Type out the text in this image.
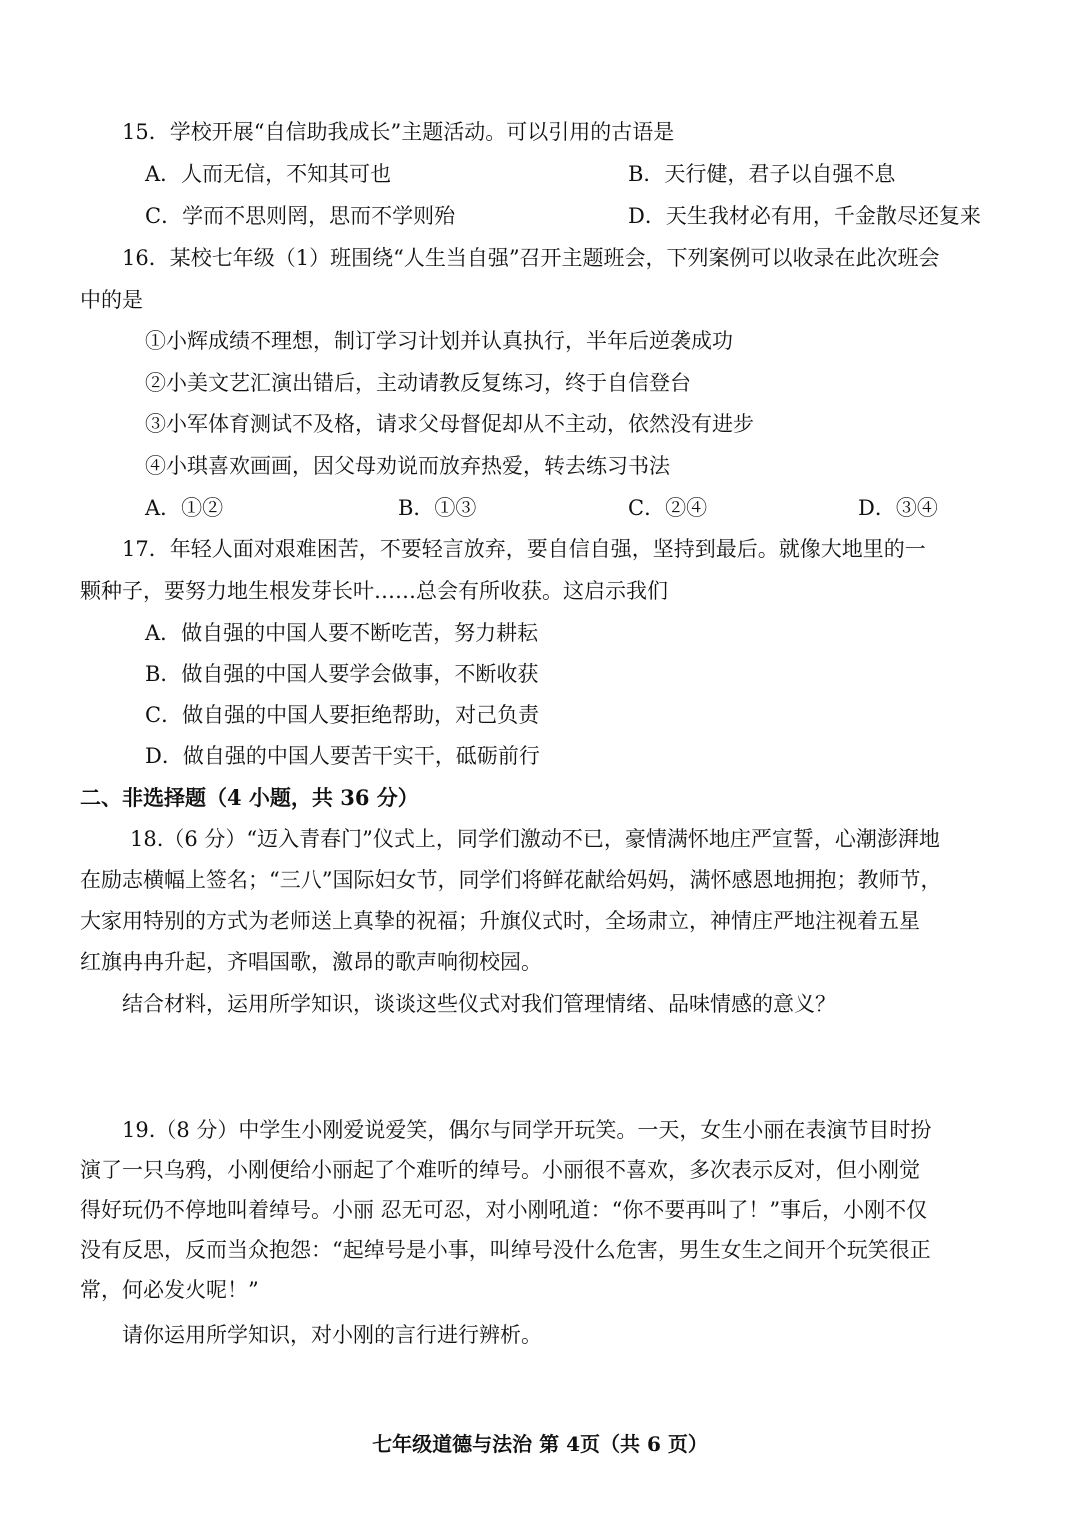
15．学校开展“自信助我成长”主题活动。可以引用的古语是
A．人而无信，不知其可也	B．天行健，君子以自强不息
C．学而不思则罔，思而不学则殆	D．天生我材必有用，千金散尽还复来
16．某校七年级（1）班围绕“人生当自强”召开主题班会，下列案例可以收录在此次班会
中的是
①小辉成绩不理想，制订学习计划并认真执行，半年后逆袭成功
②小美文艺汇演出错后，主动请教反复练习，终于自信登台
③小军体育测试不及格，请求父母督促却从不主动，依然没有进步
④小琪喜欢画画，因父母劝说而放弃热爱，转去练习书法
A．①②	B．①③	C．②④	D．③④
17．年轻人面对艰难困苦，不要轻言放弃，要自信自强，坚持到最后。就像大地里的一
颗种子，要努力地生根发芽长叶……总会有所收获。这启示我们
A．做自强的中国人要不断吃苦，努力耕耘
B．做自强的中国人要学会做事，不断收获
C．做自强的中国人要拒绝帮助，对己负责
D．做自强的中国人要苦干实干，砥砺前行
二、非选择题（4 小题，共 36 分）
18.（6 分）“迈入青春门”仪式上，同学们激动不已，豪情满怀地庄严宣誓，心潮澎湃地
在励志横幅上签名；“三八”国际妇女节，同学们将鲜花献给妈妈，满怀感恩地拥抱；教师节，
大家用特别的方式为老师送上真挚的祝福；升旗仪式时，全场肃立，神情庄严地注视着五星
红旗冉冉升起，齐唱国歌，激昂的歌声响彻校园。
结合材料，运用所学知识，谈谈这些仪式对我们管理情绪、品味情感的意义？
19.（8 分）中学生小刚爱说爱笑，偶尔与同学开玩笑。一天，女生小丽在表演节目时扮
演了一只乌鸦，小刚便给小丽起了个难听的绰号。小丽很不喜欢，多次表示反对，但小刚觉
得好玩仍不停地叫着绰号。小丽 忍无可忍，对小刚吼道：“你不要再叫了！”事后，小刚不仅
没有反思，反而当众抱怨：“起绰号是小事，叫绰号没什么危害，男生女生之间开个玩笑很正
常，何必发火呢！”
请你运用所学知识，对小刚的言行进行辨析。
七年级道德与法治 第 4页（共 6 页）
